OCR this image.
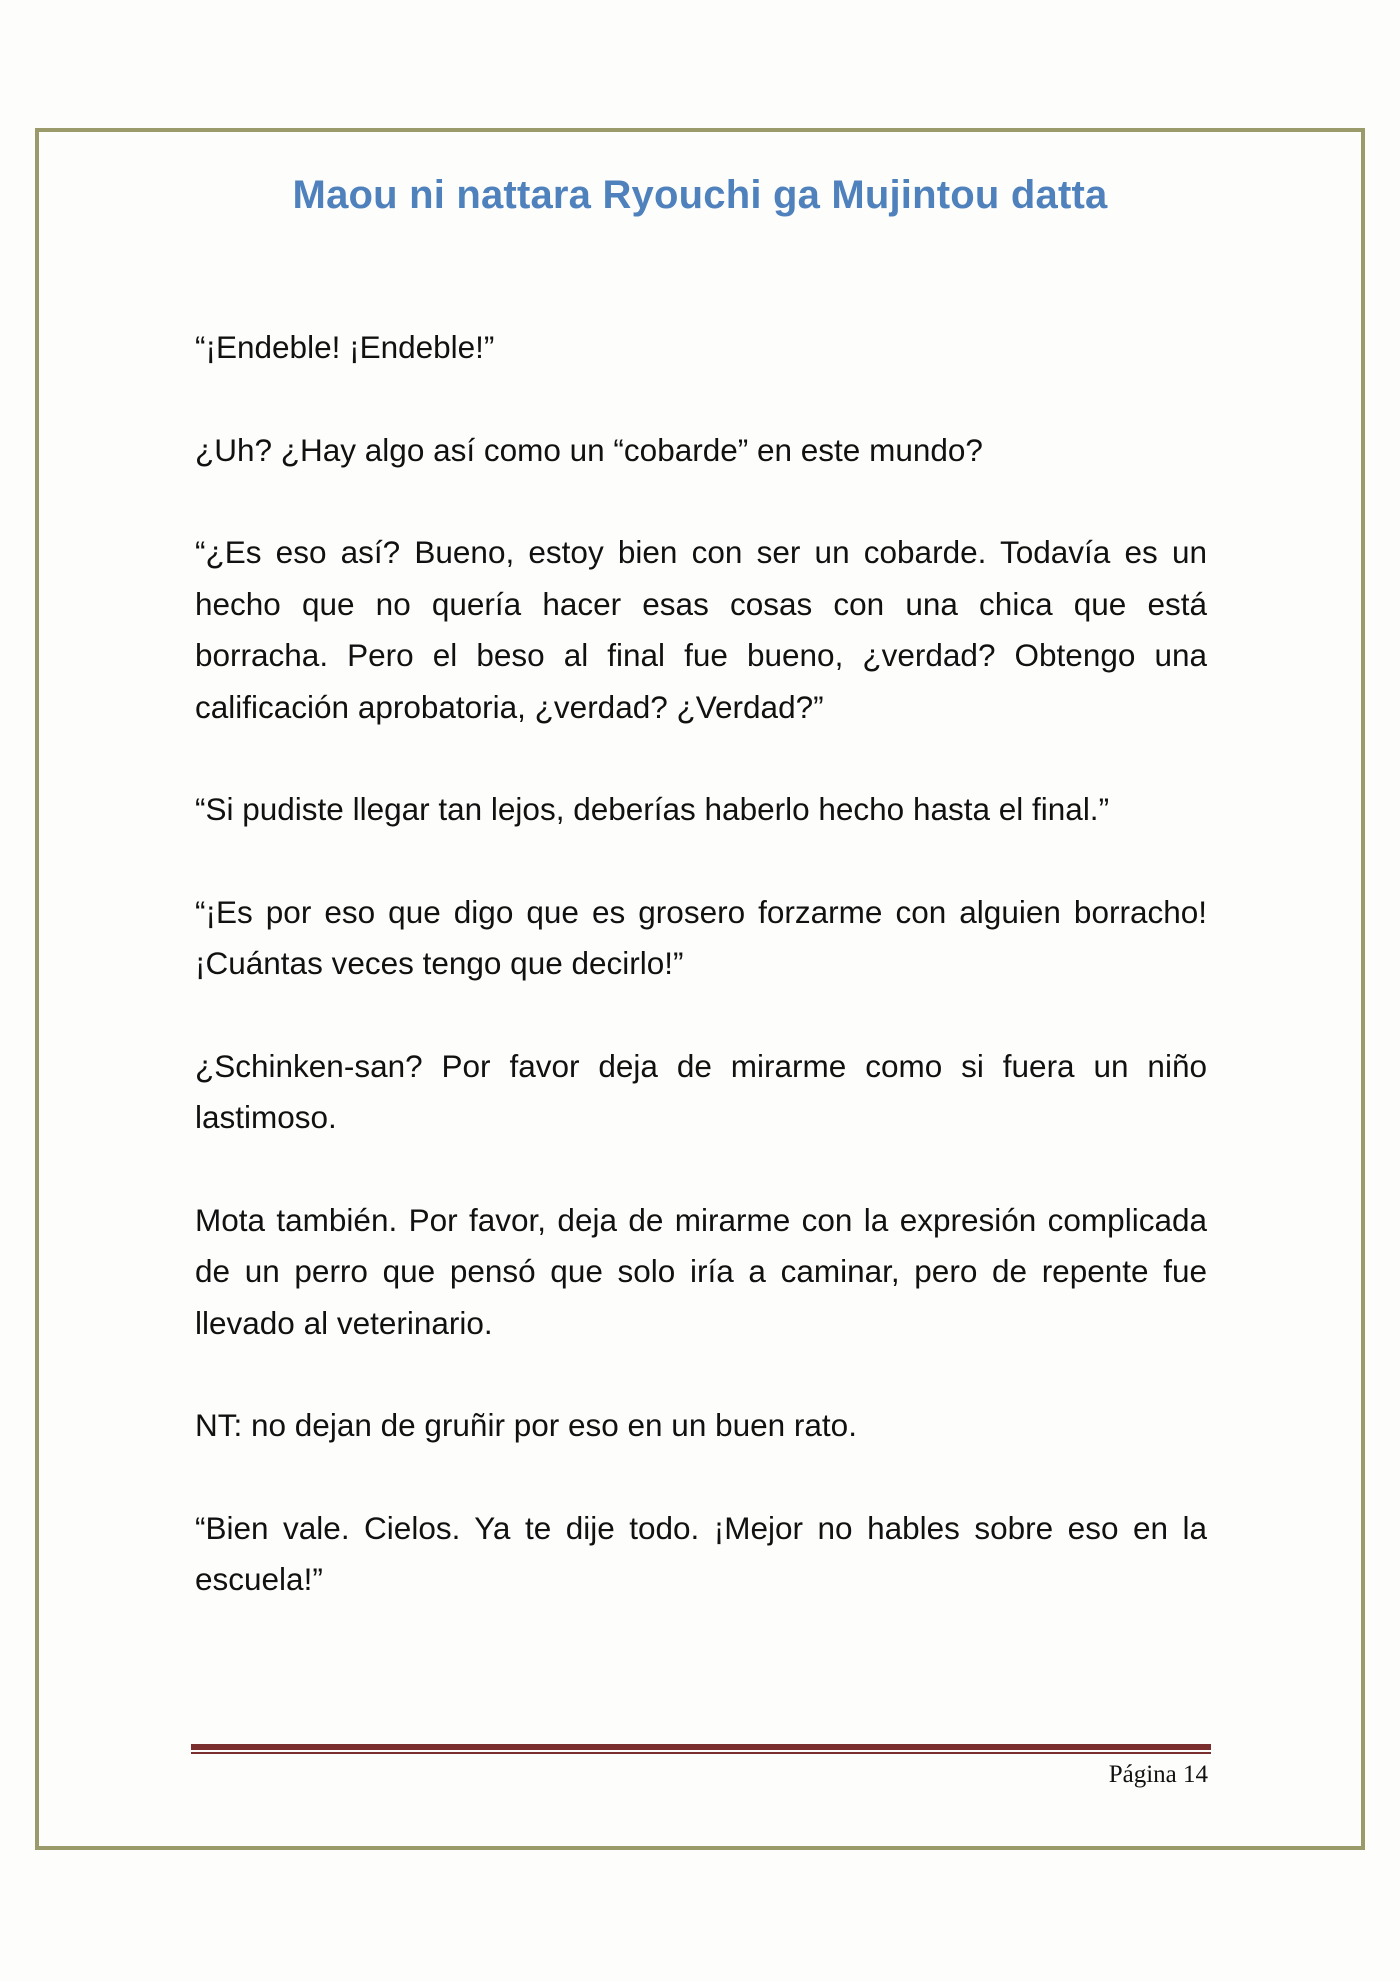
Maou ni nattara Ryouchi ga Mujintou datta

“¡Endeble! ¡Endeble!”

¿Uh? ¿Hay algo así como un “cobarde” en este mundo?

“¿Es eso así? Bueno, estoy bien con ser un cobarde. Todavía es un hecho que no quería hacer esas cosas con una chica que está borracha. Pero el beso al final fue bueno, ¿verdad? Obtengo una calificación aprobatoria, ¿verdad? ¿Verdad?”

“Si pudiste llegar tan lejos, deberías haberlo hecho hasta el final.”

“¡Es por eso que digo que es grosero forzarme con alguien borracho! ¡Cuántas veces tengo que decirlo!”

¿Schinken-san? Por favor deja de mirarme como si fuera un niño lastimoso.

Mota también. Por favor, deja de mirarme con la expresión complicada de un perro que pensó que solo iría a caminar, pero de repente fue llevado al veterinario.

NT: no dejan de gruñir por eso en un buen rato.

“Bien vale. Cielos. Ya te dije todo. ¡Mejor no hables sobre eso en la escuela!”

Página 14
